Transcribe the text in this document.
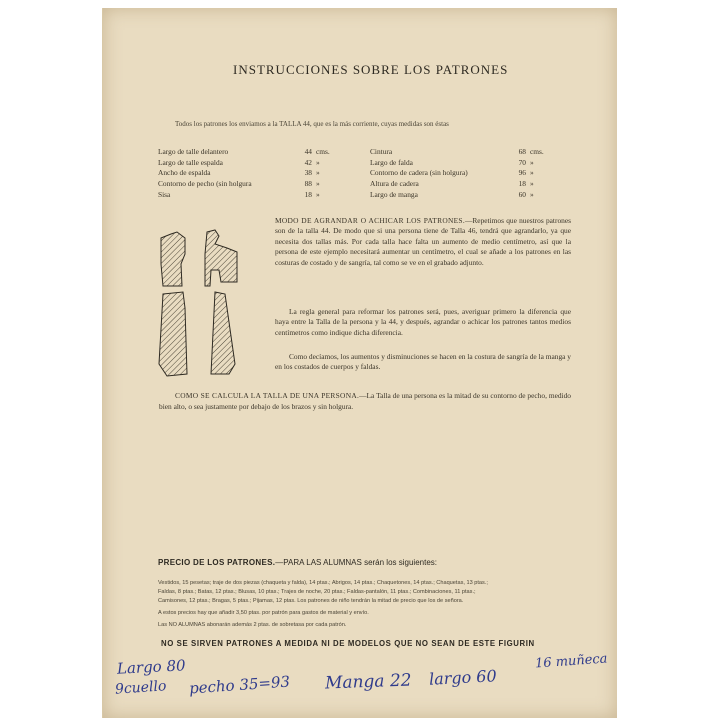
INSTRUCCIONES SOBRE LOS PATRONES
Todos los patrones los enviamos a la TALLA 44, que es la más corriente, cuyas medidas son éstas
Largo de talle delantero	44 cms.
Largo de talle espalda	42 »
Ancho de espalda	38 »
Contorno de pecho (sin holgura	88 »
Sisa	18 »
Cintura	68 cms.
Largo de falda	70 »
Contorno de cadera (sin holgura)	96 »
Altura de cadera	18 »
Largo de manga	60 »
MODO DE AGRANDAR O ACHICAR LOS PATRONES.—Repetimos que nuestros patrones son de la talla 44. De modo que si una persona tiene de Talla 46, tendrá que agrandarlo, ya que necesita dos tallas más. Por cada talla hace falta un aumento de medio centímetro, así que la persona de este ejemplo necesitará aumentar un centímetro, el cual se añade a los patrones en las costuras de costado y de sangría, tal como se ve en el grabado adjunto.
La regla general para reformar los patrones será, pues, averiguar primero la diferencia que haya entre la Talla de la persona y la 44, y después, agrandar o achicar los patrones tantos medios centímetros como indique dicha diferencia.
Como decíamos, los aumentos y disminuciones se hacen en la costura de sangría de la manga y en los costados de cuerpos y faldas.
COMO SE CALCULA LA TALLA DE UNA PERSONA.—La Talla de una persona es la mitad de su contorno de pecho, medido bien alto, o sea justamente por debajo de los brazos y sin holgura.
PRECIO DE LOS PATRONES.—PARA LAS ALUMNAS serán los siguientes:
Vestidos, 15 pesetas; traje de dos piezas (chaqueta y falda), 14 ptas.; Abrigos, 14 ptas.; Chaquetones, 14 ptas.; Chaquetas, 13 ptas.;
Faldas, 8 ptas.; Batas, 12 ptas.; Blusas, 10 ptas.; Trajes de noche, 20 ptas.; Faldas-pantalón, 11 ptas.; Combinaciones, 11 ptas.;
Camisones, 12 ptas.; Bragas, 5 ptas.; Pijamas, 12 ptas. Los patrones de niño tendrán la mitad de precio que los de señora.
A estos precios hay que añadir 3,50 ptas. por patrón para gastos de material y envío.
Las NO ALUMNAS abonarán además 2 ptas. de sobretasa por cada patrón.
NO SE SIRVEN PATRONES A MEDIDA NI DE MODELOS QUE NO SEAN DE ESTE FIGURIN
Largo 80
9cuello pecho 35=93 Manga 22 largo 60
16 muñeca
